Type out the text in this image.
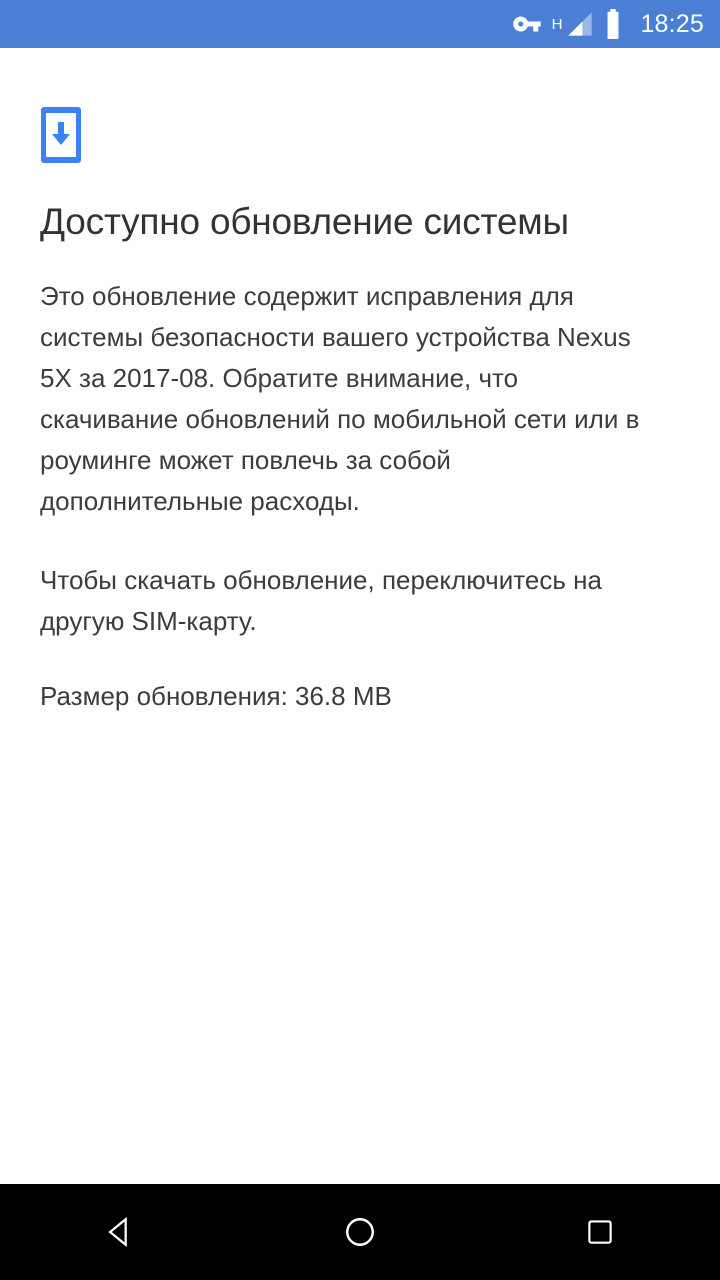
H	18:25
Доступно обновление системы

Это обновление содержит исправления для системы безопасности вашего устройства Nexus 5X за 2017-08. Обратите внимание, что скачивание обновлений по мобильной сети или в роуминге может повлечь за собой дополнительные расходы.

Чтобы скачать обновление, переключитесь на другую SIM-карту.

Размер обновления: 36.8 MB
